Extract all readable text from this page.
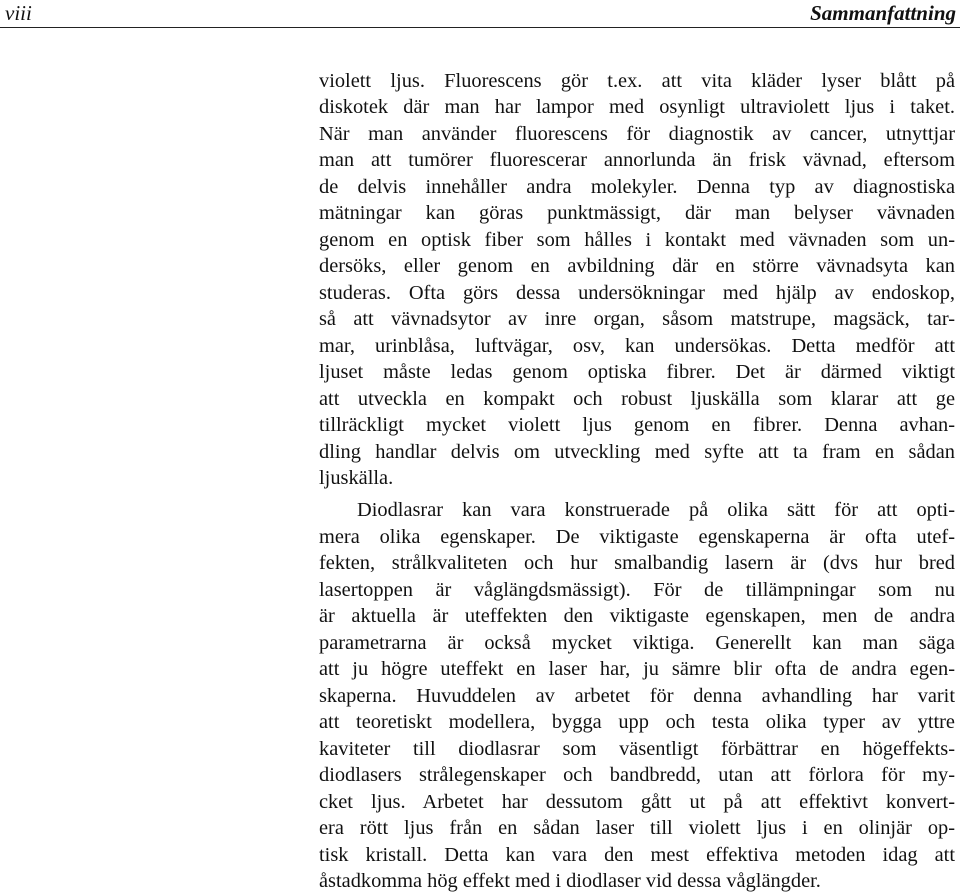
viii	Sammanfattning
violett ljus. Fluorescens gör t.ex. att vita kläder lyser blått på
diskotek där man har lampor med osynligt ultraviolett ljus i taket.
När man använder fluorescens för diagnostik av cancer, utnyttjar
man att tumörer fluorescerar annorlunda än frisk vävnad, eftersom
de delvis innehåller andra molekyler. Denna typ av diagnostiska
mätningar kan göras punktmässigt, där man belyser vävnaden
genom en optisk fiber som hålles i kontakt med vävnaden som un-
dersöks, eller genom en avbildning där en större vävnadsyta kan
studeras. Ofta görs dessa undersökningar med hjälp av endoskop,
så att vävnadsytor av inre organ, såsom matstrupe, magsäck, tar-
mar, urinblåsa, luftvägar, osv, kan undersökas. Detta medför att
ljuset måste ledas genom optiska fibrer. Det är därmed viktigt
att utveckla en kompakt och robust ljuskälla som klarar att ge
tillräckligt mycket violett ljus genom en fibrer. Denna avhan-
dling handlar delvis om utveckling med syfte att ta fram en sådan
ljuskälla.
Diodlasrar kan vara konstruerade på olika sätt för att opti-
mera olika egenskaper. De viktigaste egenskaperna är ofta utef-
fekten, strålkvaliteten och hur smalbandig lasern är (dvs hur bred
lasertoppen är våglängdsmässigt). För de tillämpningar som nu
är aktuella är uteffekten den viktigaste egenskapen, men de andra
parametrarna är också mycket viktiga. Generellt kan man säga
att ju högre uteffekt en laser har, ju sämre blir ofta de andra egen-
skaperna. Huvuddelen av arbetet för denna avhandling har varit
att teoretiskt modellera, bygga upp och testa olika typer av yttre
kaviteter till diodlasrar som väsentligt förbättrar en högeffekts-
diodlasers strålegenskaper och bandbredd, utan att förlora för my-
cket ljus. Arbetet har dessutom gått ut på att effektivt konvert-
era rött ljus från en sådan laser till violett ljus i en olinjär op-
tisk kristall. Detta kan vara den mest effektiva metoden idag att
åstadkomma hög effekt med i diodlaser vid dessa våglängder.
